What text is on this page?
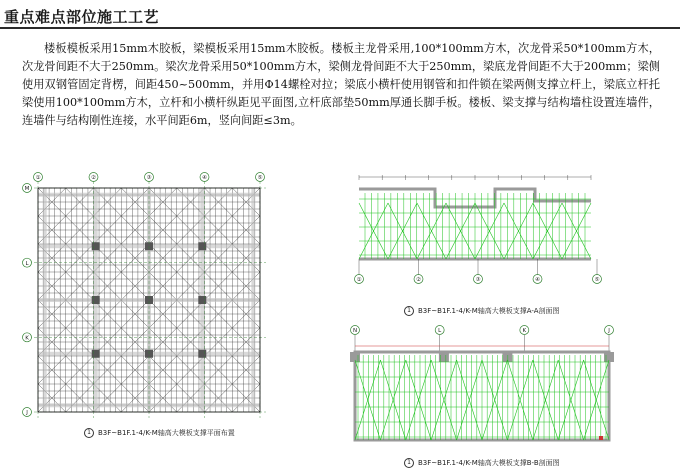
重点难点部位施工工艺
楼板模板采用15mm木胶板，梁模板采用15mm木胶板。楼板主龙骨采用,100*100mm方木，次龙骨采50*100mm方木，次龙骨间距不大于250mm。梁次龙骨采用50*100mm方木，梁侧龙骨间距不大于250mm，梁底龙骨间距不大于200mm；梁侧使用双钢管固定背楞，间距450~500mm，并用Φ14螺栓对拉；梁底小横杆使用钢管和扣件锁在梁两侧支撑立杆上，梁底立杆托梁使用100*100mm方木，立杆和小横杆纵距见平面图,立杆底部垫50mm厚通长脚手板。楼板、梁支撑与结构墙柱设置连墙件，连墙件与结构刚性连接，水平间距6m，竖向间距≤3m。
①	②	③	④	⑤
M
L
K
J
1 B3F~B1F.1-4/K-M轴高大模板支撑平面布置
①	②	③	④	⑤
1 B3F~B1F.1-4/K-M轴高大模板支撑A-A剖面图
N	L	K	J
1 B3F~B1F.1-4/K-M轴高大模板支撑B-B剖面图
